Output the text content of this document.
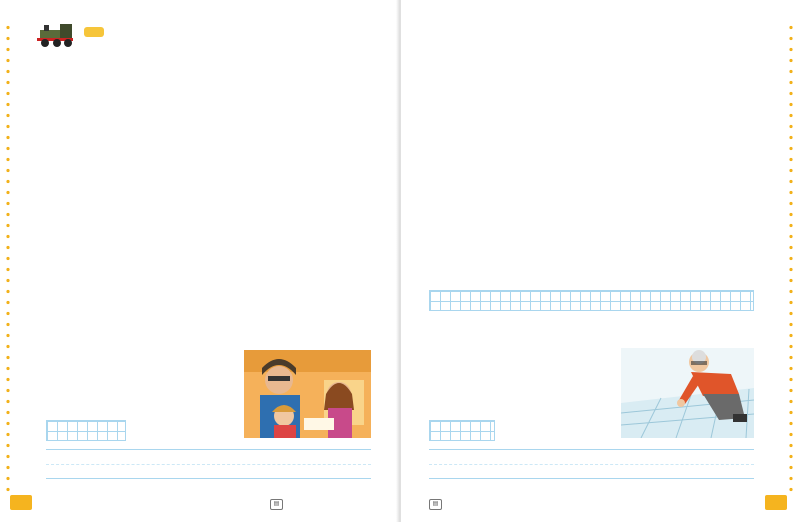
▤	▤
